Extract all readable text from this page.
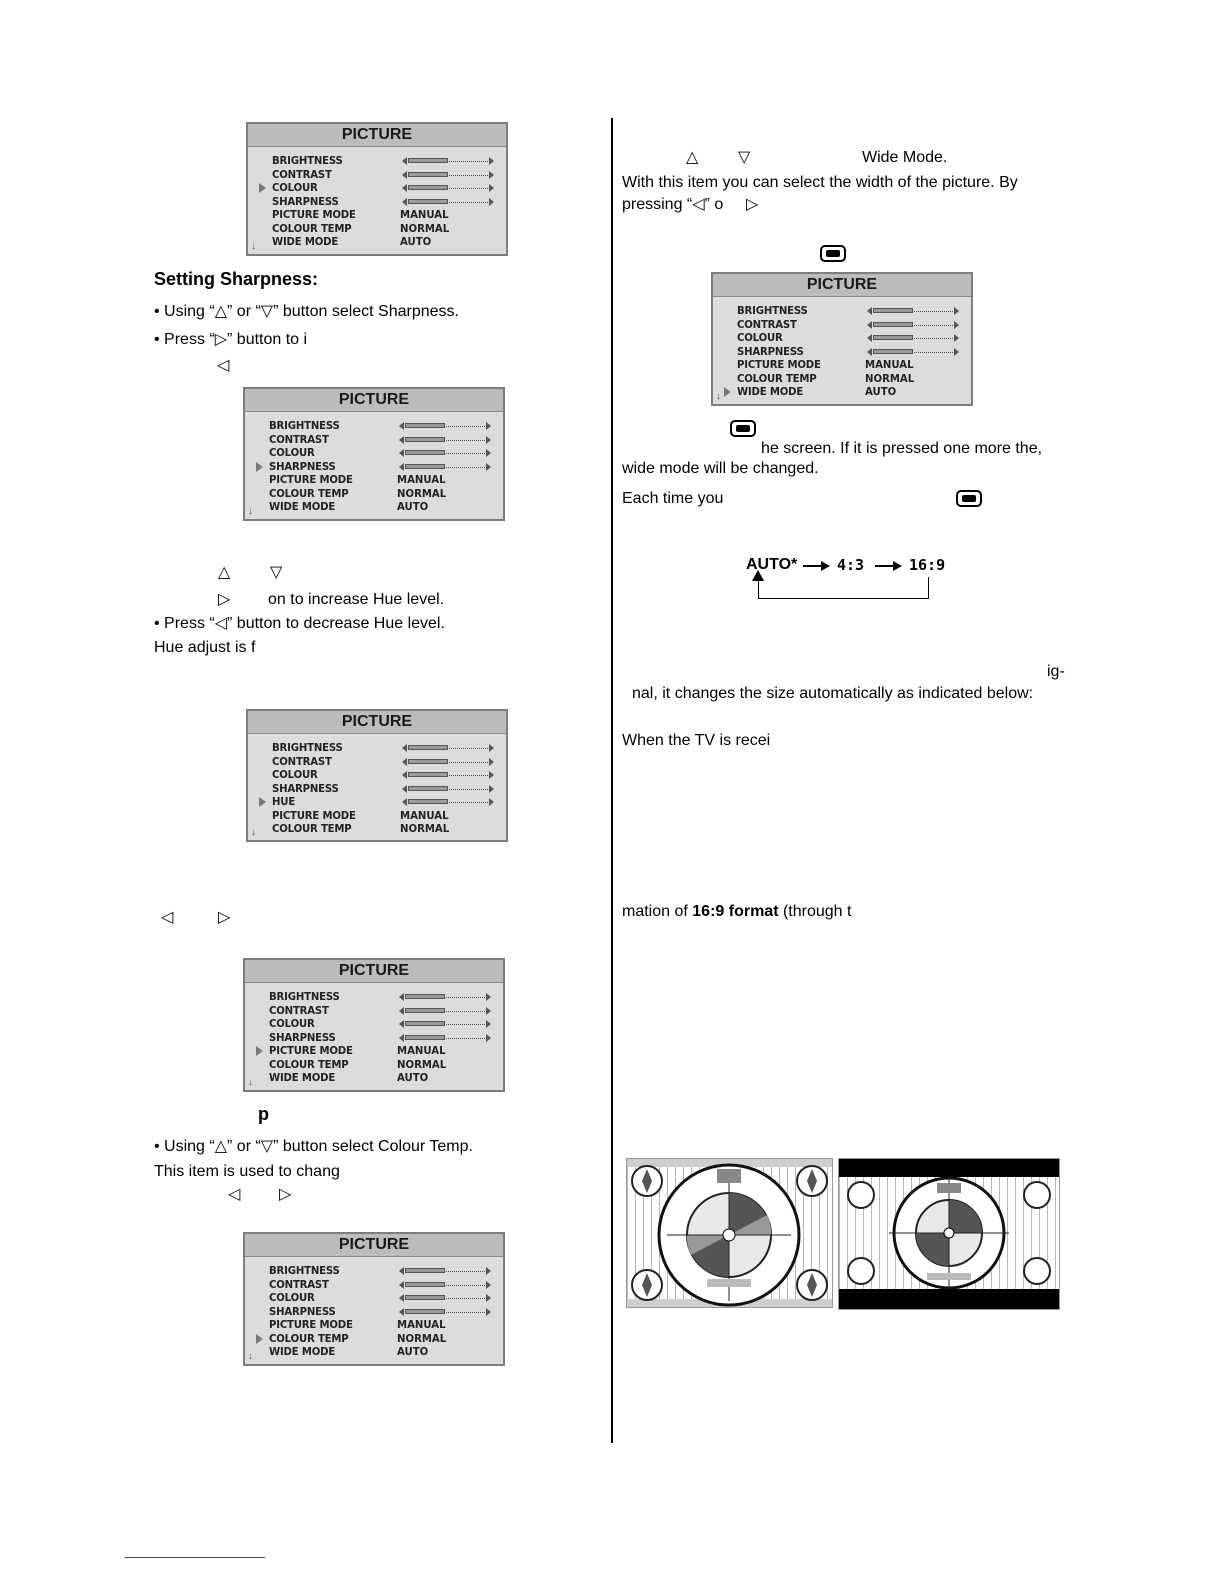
PICTURE
BRIGHTNESS
CONTRAST
COLOUR
SHARPNESS
PICTURE MODE	MANUAL
COLOUR TEMP	NORMAL
WIDE MODE	AUTO
↓
Setting Sharpness:
• Using “△” or “▽” button select Sharpness.
• Press “▷” button to i
◁
PICTURE
BRIGHTNESS
CONTRAST
COLOUR
SHARPNESS
PICTURE MODE	MANUAL
COLOUR TEMP	NORMAL
WIDE MODE	AUTO
↓
△ ▽
▷ on to increase Hue level.
• Press “◁” button to decrease Hue level.
Hue adjust is f
PICTURE
BRIGHTNESS
CONTRAST
COLOUR
SHARPNESS
HUE
PICTURE MODE	MANUAL
COLOUR TEMP	NORMAL
↓
◁	▷
PICTURE
BRIGHTNESS
CONTRAST
COLOUR
SHARPNESS
PICTURE MODE	MANUAL
COLOUR TEMP	NORMAL
WIDE MODE	AUTO
↓
p
• Using “△” or “▽” button select Colour Temp.
This item is used to chang
◁ ▷
PICTURE
BRIGHTNESS
CONTRAST
COLOUR
SHARPNESS
PICTURE MODE	MANUAL
COLOUR TEMP	NORMAL
WIDE MODE	AUTO
↓
△ ▽	Wide Mode.
With this item you can select the width of the picture. By
pressing “◁” o ▷
PICTURE
BRIGHTNESS
CONTRAST
COLOUR
SHARPNESS
PICTURE MODE	MANUAL
COLOUR TEMP	NORMAL
WIDE MODE	AUTO
↓
he screen. If it is pressed one more the,
wide mode will be changed.
Each time you
AUTO*	4:3	16:9
ig-
nal, it changes the size automatically as indicated below:
When the TV is recei
mation of 16:9 format (through t
